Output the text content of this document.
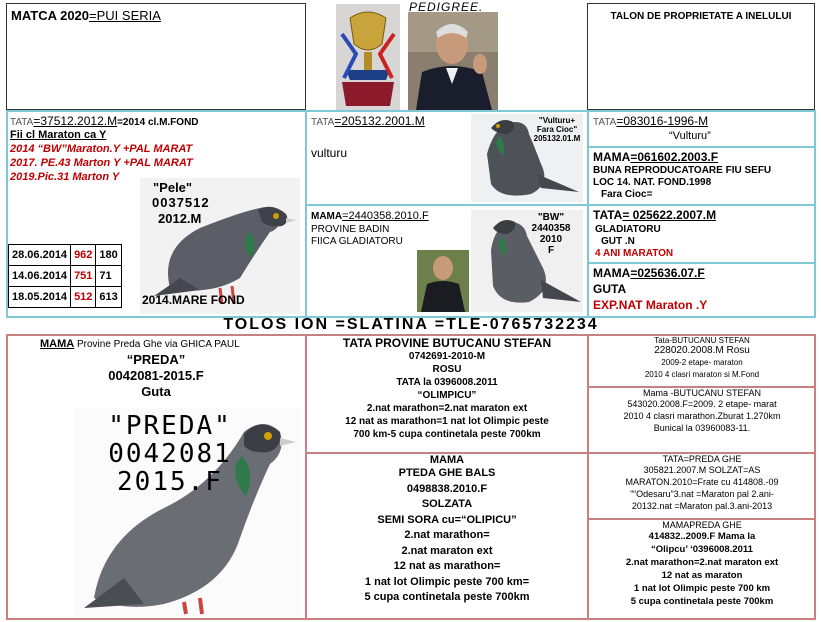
MATCA 2020=PUI SERIA
PEDIGREE.
TALON DE PROPRIETATE A INELULUI
TATA=37512.2012.M=2014 cl.M.FOND
Fii cl Maraton ca Y
2014 “BW”Maraton.Y +PAL MARAT
2017. PE.43 Marton Y +PAL MARAT
2019.Pic.31 Marton Y
"Pele"
0037512
2012.M
2014.MARE FOND
28.06.2014	962	180
14.06.2014	751	71
18.05.2014	512	613
TATA=205132.2001.M
vulturu
"Vulturu+
Fara Cioc"
205132.01.M
MAMA=2440358.2010.F
PROVINE BADIN
FIICA GLADIATORU
"BW"
2440358
2010
F
TATA=083016-1996-M
“Vulturu”
MAMA=061602.2003.F
BUNA REPRODUCATOARE FIU SEFU
LOC 14. NAT. FOND.1998
Fara Cioc=
TATA= 025622.2007.M
GLADIATORU
GUT .N
4 ANI MARATON
MAMA=025636.07.F
GUTA
EXP.NAT Maraton .Y
TOLOS ION =SLATINA =TLE-0765732234
MAMA Provine Preda Ghe via GHICA PAUL
“PREDA”
0042081-2015.F
Guta
"PREDA"
0042081
2015.F
TATA PROVINE BUTUCANU STEFAN
0742691-2010-M
ROSU
TATA la 0396008.2011
“OLIMPICU”
2.nat marathon=2.nat maraton ext
12 nat as marathon=1 nat lot Olimpic peste
700 km-5 cupa continetala peste 700km
MAMA
PTEDA GHE BALS
0498838.2010.F
SOLZATA
SEMI SORA cu=“OLIPICU”
2.nat marathon=
2.nat maraton ext
12 nat as marathon=
1 nat lot Olimpic peste 700 km=
5 cupa continetala peste 700km
Tata-BUTUCANU STEFAN
228020.2008.M Rosu
2009-2 etape- maraton
2010 4 clasri maraton si M.Fond
Mama -BUTUCANU STEFAN
543020.2008.F=2009. 2 etape- marat
2010 4 clasri marathon.Zburat 1.270km
Bunical la 03960083-11.
TATA=PREDA GHE
305821.2007.M SOLZAT=AS
MARATON.2010=Frate cu 414808.-09
”“Odesaru”3.nat =Maraton pal 2.ani-
20132.nat =Maraton pal.3.ani-2013
MAMAPREDA GHE
414832..2009.F Mama la
“Olipcu’ ‘0396008.2011
2.nat marathon=2.nat maraton ext
12 nat as maraton
1 nat lot Olimpic peste 700 km
5 cupa continetala peste 700km
